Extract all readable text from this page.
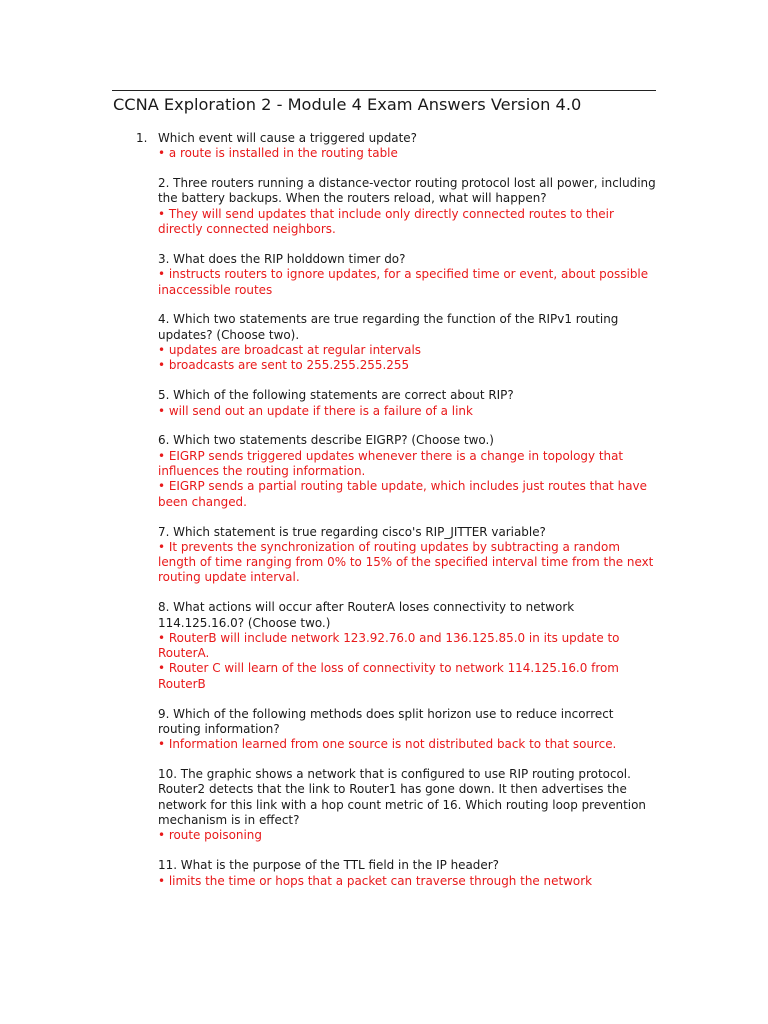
CCNA Exploration 2 - Module 4 Exam Answers Version 4.0
1. Which event will cause a triggered update?

• a route is installed in the routing table

2. Three routers running a distance-vector routing protocol lost all power, including the battery backups. When the routers reload, what will happen?

• They will send updates that include only directly connected routes to their directly connected neighbors.

3. What does the RIP holddown timer do?

• instructs routers to ignore updates, for a specified time or event, about possible inaccessible routes

4. Which two statements are true regarding the function of the RIPv1 routing updates? (Choose two).

• updates are broadcast at regular intervals

• broadcasts are sent to 255.255.255.255

5. Which of the following statements are correct about RIP?

• will send out an update if there is a failure of a link

6. Which two statements describe EIGRP? (Choose two.)

• EIGRP sends triggered updates whenever there is a change in topology that influences the routing information.

• EIGRP sends a partial routing table update, which includes just routes that have been changed.

7. Which statement is true regarding cisco's RIP_JITTER variable?

• It prevents the synchronization of routing updates by subtracting a random length of time ranging from 0% to 15% of the specified interval time from the next routing update interval.

8. What actions will occur after RouterA loses connectivity to network 114.125.16.0? (Choose two.)

• RouterB will include network 123.92.76.0 and 136.125.85.0 in its update to RouterA.

• Router C will learn of the loss of connectivity to network 114.125.16.0 from RouterB

9. Which of the following methods does split horizon use to reduce incorrect routing information?

• Information learned from one source is not distributed back to that source.

10. The graphic shows a network that is configured to use RIP routing protocol. Router2 detects that the link to Router1 has gone down. It then advertises the network for this link with a hop count metric of 16. Which routing loop prevention mechanism is in effect?

• route poisoning

11. What is the purpose of the TTL field in the IP header?

• limits the time or hops that a packet can traverse through the network
